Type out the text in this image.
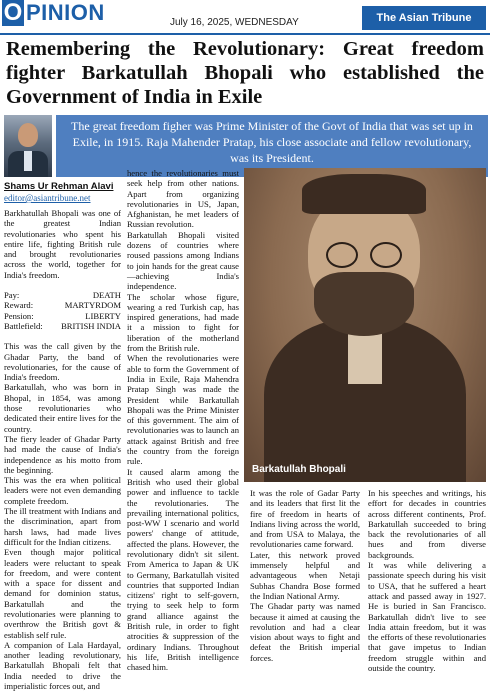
O PINION	July 16, 2025, WEDNESDAY	The Asian Tribune
Remembering the Revolutionary: Great freedom fighter Barkatullah Bhopali who established the Government of India in Exile

The great freedom figher was Prime Minister of the Govt of India that was set up in Exile, in 1915. Raja Mahender Pratap, his close associate and fellow revolutionary, was its President.

Shams Ur Rehman Alavi
editor@asiantribune.net

Barkhatullah Bhopali was one of the greatest Indian revolutionaries who spent his entire life, fighting British rule and brought revolutionaries across the world, together for India's freedom.

Pay:	DEATH
Reward:	MARTYRDOM
Pension:	LIBERTY
Battlefield: BRITISH INDIA

This was the call given by the Ghadar Party, the band of revolutionaries, for the cause of India's freedom.

Barkatullah, who was born in Bhopal, in 1854, was among those revolutionaries who dedicated their entire lives for the country.

The fiery leader of Ghadar Party had made the cause of India's independence as his motto from the beginning.

This was the era when political leaders were not even demanding complete freedom.

The ill treatment with Indians and the discrimination, apart from harsh laws, had made lives difficult for the Indian citizens.

Even though major political leaders were reluctant to speak for freedom, and were content with a space for dissent and demand for dominion status, Barkatullah and the revolutionaries were planning to overthrow the British govt & establish self rule.

A companion of Lala Hardayal, another leading revolutionary, Barkatullah Bhopali felt that India needed to drive the imperialistic forces out, and

hence the revolutionaries must seek help from other nations. Apart from organizing revolutionaries in US, Japan, Afghanistan, he met leaders of Russian revolution.

Barkatullah Bhopali visited dozens of countries where roused passions among Indians to join hands for the great cause—achieving India's independence.

The scholar whose figure, wearing a red Turkish cap, has inspired generations, had made it a mission to fight for liberation of the motherland from the British rule.

When the revolutionaries were able to form the Government of India in Exile, Raja Mahendra Pratap Singh was made the President while Barkatullah Bhopali was the Prime Minister of this government. The aim of revolutionaries was to launch an attack against British and free the country from the foreign rule.

It caused alarm among the British who used their global power and influence to tackle the revolutionaries. The prevailing international politics, post-WW I scenario and world powers' change of attitude, affected the plans. However, the revolutionary didn't sit silent. From America to Japan & UK to Germany, Barkatullah visited countries that supported Indian citizens' right to self-govern, trying to seek help to form grand alliance against the British rule, in order to fight atrocities & suppression of the ordinary Indians. Throughout his life, British intelligence chased him.

Barkatullah Bhopali

It was the role of Gadar Party and its leaders that first lit the fire of freedom in hearts of Indians living across the world, and from USA to Malaya, the revolutionaries came forward.

Later, this network proved immensely helpful and advantageous when Netaji Subhas Chandra Bose formed the Indian National Army.

The Ghadar party was named because it aimed at causing the revolution and had a clear vision about ways to fight and defeat the British imperial forces.

In his speeches and writings, his effort for decades in countries across different continents, Prof. Barkatullah succeeded to bring back the revolutionaries of all hues and from diverse backgrounds.

It was while delivering a passionate speech during his visit to USA, that he suffered a heart attack and passed away in 1927. He is buried in San Francisco. Barkatullah didn't live to see India attain freedom, but it was the efforts of these revolutionaries that gave impetus to Indian freedom struggle within and outside the country.
